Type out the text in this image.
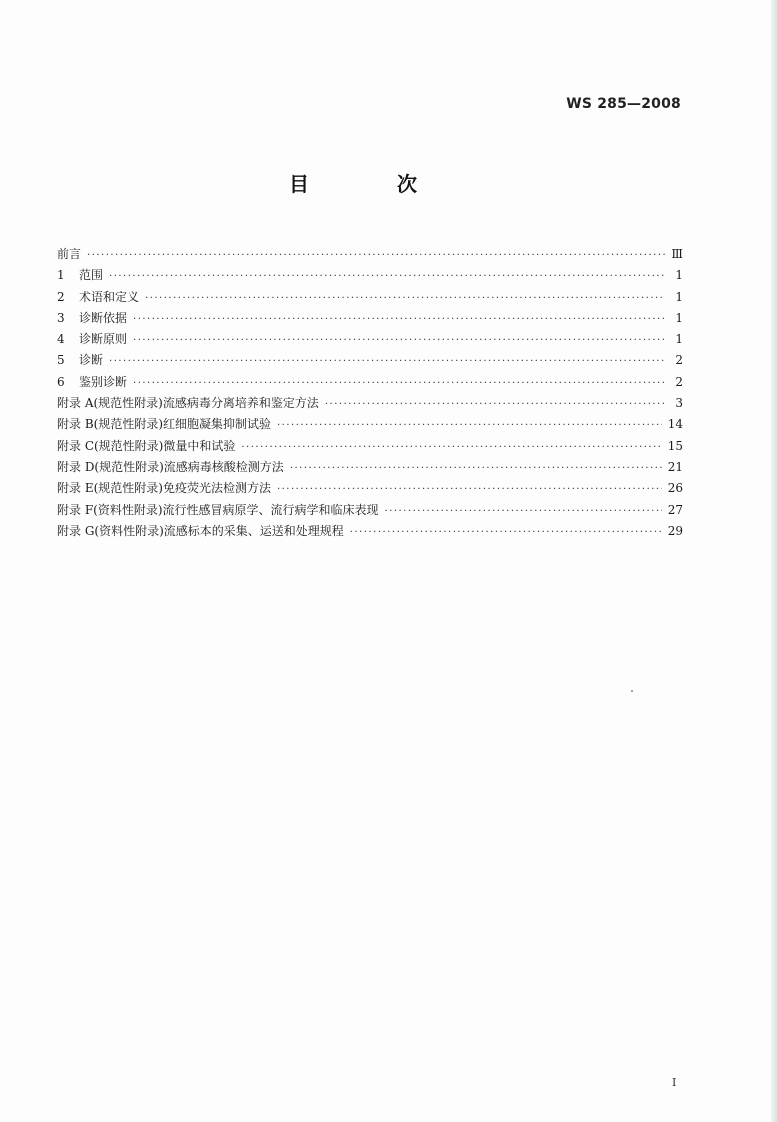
WS 285—2008
目　次
前言 ·····	Ⅲ
1	范围 ·····	1
2	术语和定义 ·····	1
3	诊断依据 ·····	1
4	诊断原则 ·····	1
5	诊断 ·····	2
6	鉴别诊断 ·····	2
附录 A(规范性附录)流感病毒分离培养和鉴定方法 ·····	3
附录 B(规范性附录)红细胞凝集抑制试验 ·····	14
附录 C(规范性附录)微量中和试验 ·····	15
附录 D(规范性附录)流感病毒核酸检测方法 ·····	21
附录 E(规范性附录)免疫荧光法检测方法 ·····	26
附录 F(资料性附录)流行性感冒病原学、流行病学和临床表现 ·····	27
附录 G(资料性附录)流感标本的采集、运送和处理规程 ·····	29
I
